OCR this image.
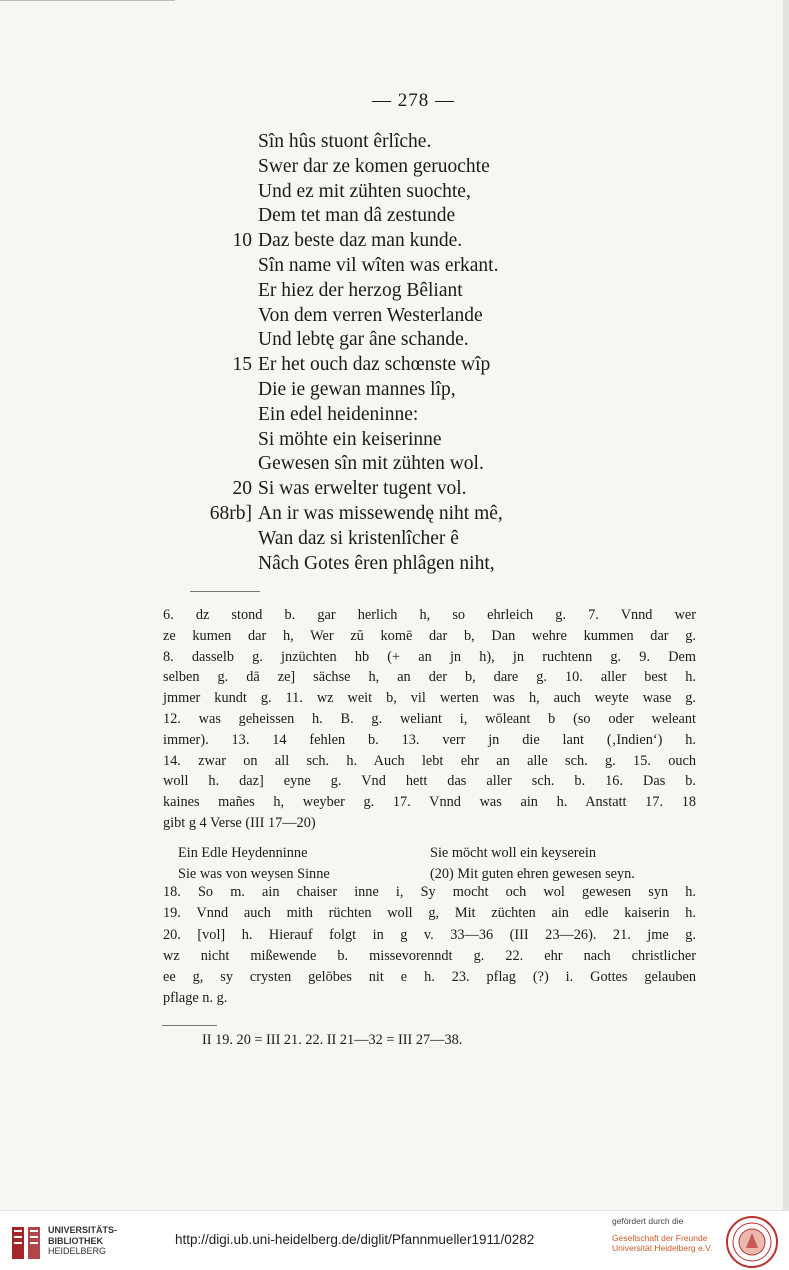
— 278 —
Sîn hûs stuont êrlîche.
Swer dar ze komen geruochte
Und ez mit zühten suochte,
Dem tet man dâ zestunde
10 Daz beste daz man kunde.
Sîn name vil wîten was erkant.
Er hiez der herzog Bêliant
Von dem verren Westerlande
Und lebtę gar âne schande.
15 Er het ouch daz schœnste wîp
Die ie gewan mannes lîp,
Ein edel heideninne:
Si möhte ein keiserinne
Gewesen sîn mit zühten wol.
20 Si was erwelter tugent vol.
68rb] An ir was missewendę niht mê,
Wan daz si kristenlîcher ê
Nâch Gotes êren phlâgen niht,
6. dz stond b. gar herlich h, so ehrleich g. 7. Vnnd wer
ze kumen dar h, Wer zŭ komē dar b, Dan wehre kummen dar g.
8. dasselb g. jnzüchten hb (+ an jn h), jn ruchtenn g. 9. Dem
selben g. dā ze] sächse h, an der b, dare g. 10. aller best h.
jmmer kundt g. 11. wz weit b, vil werten was h, auch weyte wase g.
12. was geheissen h. B. g. weliant i, wōleant b (so oder weleant
immer). 13. 14 fehlen b. 13. verr jn die lant (‚Indien‘) h.
14. zwar on all sch. h. Auch lebt ehr an alle sch. g. 15. ouch
woll h. daz] eyne g. Vnd hett das aller sch. b. 16. Das b.
kaines mañes h, weyber g. 17. Vnnd was ain h. Anstatt 17. 18
gibt g 4 Verse (III 17—20)
Ein Edle Heydenninne	Sie möcht woll ein keyserein
Sie was von weysen Sinne	(20) Mit guten ehren gewesen seyn.
18. So m. ain chaiser inne i, Sy mocht och wol gewesen syn h.
19. Vnnd auch mith rüchten woll g, Mit züchten ain edle kaiserin h.
20. [vol] h. Hierauf folgt in g v. 33—36 (III 23—26). 21. jme g.
wz nicht mißewende b. missevorenndt g. 22. ehr nach christlicher
ee g, sy crysten gelōbes nit e h. 23. pflag (?) i. Gottes gelauben
pflage n. g.
II 19. 20 = III 21. 22. II 21—32 = III 27—38.
UNIVERSITÄTS-
BIBLIOTHEK
HEIDELBERG
http://digi.ub.uni-heidelberg.de/diglit/Pfannmueller1911/0282
gefördert durch die
Gesellschaft der Freunde
Universität Heidelberg e.V.
